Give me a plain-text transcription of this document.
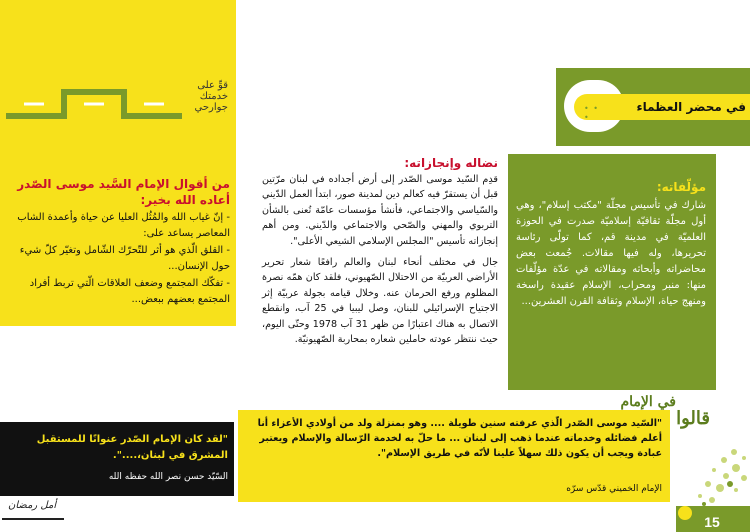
قوِّ على خدمتك جوارحي
من أقوال الإمام السَّيد موسى الصّدر أعاده الله بخير:

- إنّ غياب الله والمُثُل العليا عن حياة وأعمدة الشاب المعاصر يساعد على:

- القلق الّذي هو أثر للتّحرّك الشّامل وتغيّر كلّ شيء حول الإنسان...

- تفكّك المجتمع وضعف العلاقات الّتي تربط أفراد المجتمع بعضهم ببعض...

"لقد كان الإمام الصّدر عنوانًا للمستقبل المشرق في لبنان،....".
السّيّد حسن نصر الله حفظه الله
أمل رمضان
في محضر العظماء
• • •
مؤلّفاته:
شارك في تأسيس مجلّة "مكتب إسلام"، وهي أول مجلّة ثقافيّة إسلاميّة صدرت في الحوزة العلميّة في مدينة قم، كما تولّى رئاسة تحريرها، وله فيها مقالات. جُمعت بعض محاضراته وأبحاثه ومقالاته في عدّة مؤلّفات منها: منبر ومحراب، الإسلام عقيدة راسخة ومنهج حياة، الإسلام وثقافة القرن العشرين...
نضاله وإنجازاته:

قدِم السّيد موسى الصّدر إلى أرض أجداده في لبنان مرّتين قبل أن يستقرّ فيه كعالم دين لمدينة صور، ابتدأ العمل الدّيني والسّياسي والاجتماعي، فأنشأ مؤسسات عامّة تُعنى بالشأن التربوي والمهني والصّحي والاجتماعي والدّيني. ومن أهم إنجازاته تأسيس "المجلس الإسلامي الشيعي الأعلى".

جال في مختلف أنحاء لبنان والعالم رافعًا شعار تحرير الأراضي العربيّة من الاحتلال الصّهيوني، فلقد كان همّه نصرة المظلوم ورفع الحرمان عنه. وخلال قيامه بجولة عربيّة إثر الاجتياح الإسرائيلي للبنان، وصل ليبيا في 25 آب، وانقطع الاتصال به هناك اعتبارًا من ظهر 31 آب 1978 وحتّى اليوم، حيث ننتظر عودته حاملين شعاره بمحاربة الصّهيونيّة.

قالوا
في الإمام
"السّيد موسى الصّدر الّذي عرفته سنين طويلة .... وهو بمنزلة ولد من أولادي الأعزاء أنا أعلم فضائله وخدماته عندما ذهب إلى لبنان ... ما حلّ به لخدمة الرّسالة والإسلام ويعتبر عبادة ويجب أن يكون ذلك سهلاً علينا لأنّه في طريق الإسلام".
الإمام الخميني قدّس سرّه
15
